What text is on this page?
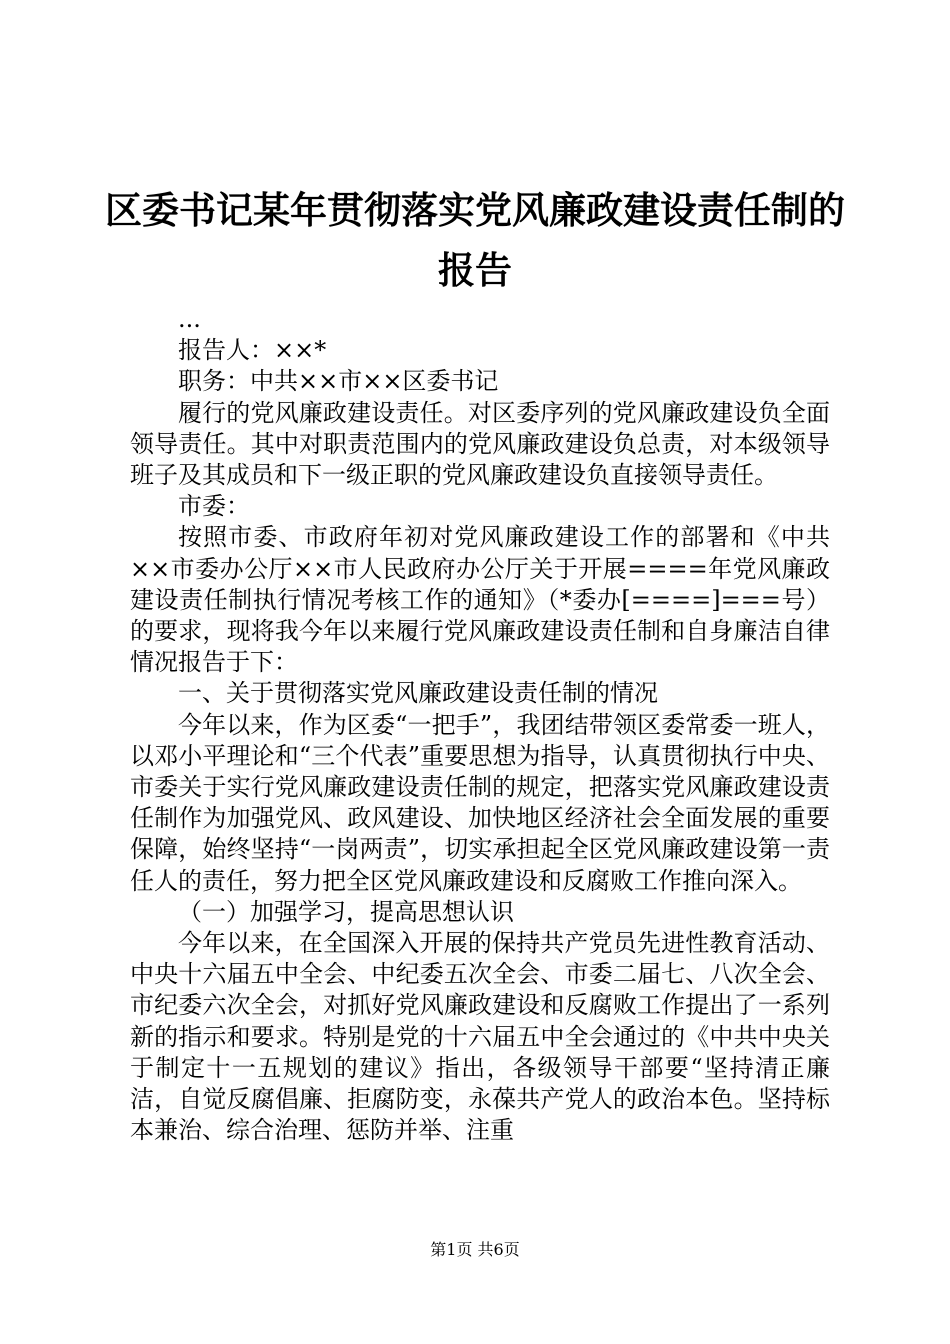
区委书记某年贯彻落实党风廉政建设责任制的
报告

...

报告人：××*

职务：中共××市××区委书记

履行的党风廉政建设责任。对区委序列的党风廉政建设负全面领导责任。其中对职责范围内的党风廉政建设负总责，对本级领导班子及其成员和下一级正职的党风廉政建设负直接领导责任。

市委：

按照市委、市政府年初对党风廉政建设工作的部署和《中共××市委办公厅××市人民政府办公厅关于开展====年党风廉政建设责任制执行情况考核工作的通知》（*委办[====]===号）的要求，现将我今年以来履行党风廉政建设责任制和自身廉洁自律情况报告于下：

一、关于贯彻落实党风廉政建设责任制的情况

今年以来，作为区委“一把手”，我团结带领区委常委一班人，以邓小平理论和“三个代表”重要思想为指导，认真贯彻执行中央、市委关于实行党风廉政建设责任制的规定，把落实党风廉政建设责任制作为加强党风、政风建设、加快地区经济社会全面发展的重要保障，始终坚持“一岗两责”，切实承担起全区党风廉政建设第一责任人的责任，努力把全区党风廉政建设和反腐败工作推向深入。

（一）加强学习，提高思想认识

今年以来，在全国深入开展的保持共产党员先进性教育活动、中央十六届五中全会、中纪委五次全会、市委二届七、八次全会、市纪委六次全会，对抓好党风廉政建设和反腐败工作提出了一系列新的指示和要求。特别是党的十六届五中全会通过的《中共中央关于制定十一五规划的建议》指出，各级领导干部要“坚持清正廉洁，自觉反腐倡廉、拒腐防变，永葆共产党人的政治本色。坚持标本兼治、综合治理、惩防并举、注重

第1页 共6页
